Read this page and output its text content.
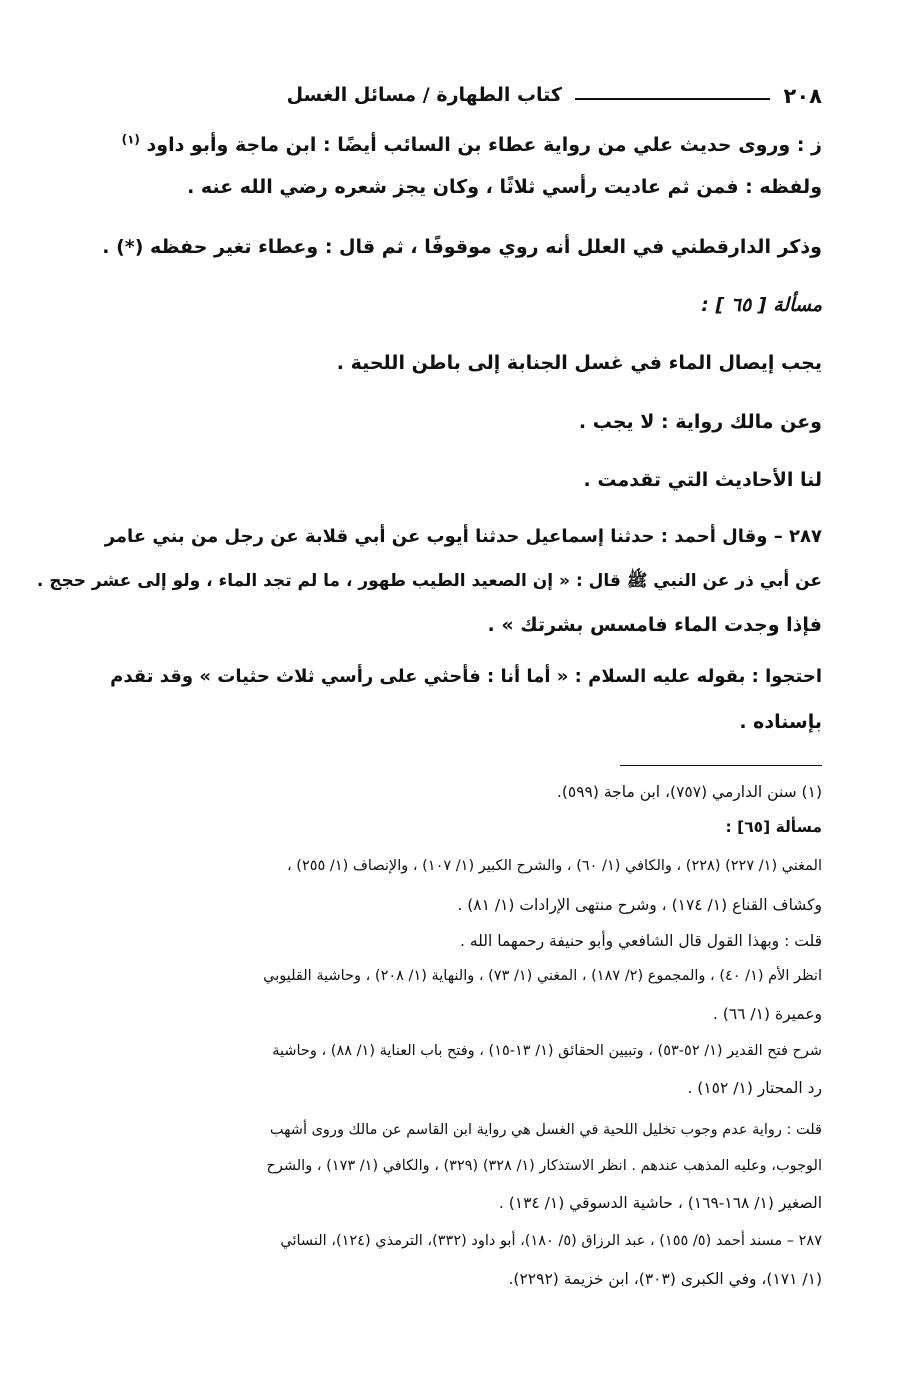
٢٠٨
كتاب الطهارة / مسائل الغسل
ز : وروى حديث علي من رواية عطاء بن السائب أيضًا : ابن ماجة وأبو داود $^{(١)}$
ولفظه : فمن ثم عاديت رأسي ثلاثًا ، وكان يجز شعره رضي الله عنه .
وذكر الدارقطني في العلل أنه روي موقوفًا ، ثم قال : وعطاء تغير حفظه (*) .
مسألة [ ٦٥ ] :
يجب إيصال الماء في غسل الجنابة إلى باطن اللحية .
وعن مالك رواية : لا يجب .
لنا الأحاديث التي تقدمت .
٢٨٧ – وقال أحمد : حدثنا إسماعيل حدثنا أيوب عن أبي قلابة عن رجل من بني عامر
عن أبي ذر عن النبي ﷺ قال : « إن الصعيد الطيب طهور ، ما لم تجد الماء ، ولو إلى عشر حجج .
فإذا وجدت الماء فامسس بشرتك » .
احتجوا : بقوله عليه السلام : « أما أنا : فأحثي على رأسي ثلاث حثيات » وقد تقدم
بإسناده .
(١) سنن الدارمي (٧٥٧)، ابن ماجة (٥٩٩).
مسألة [٦٥] :
المغني (١/ ٢٢٧) (٢٢٨) ، والكافي (١/ ٦٠) ، والشرح الكبير (١/ ١٠٧) ، والإنصاف (١/ ٢٥٥) ،
وكشاف القناع (١/ ١٧٤) ، وشرح منتهى الإرادات (١/ ٨١) .
قلت : وبهذا القول قال الشافعي وأبو حنيفة رحمهما الله .
انظر الأم (١/ ٤٠) ، والمجموع (٢/ ١٨٧) ، المغني (١/ ٧٣) ، والنهاية (١/ ٢٠٨) ، وحاشية القليوبي
وعميرة (١/ ٦٦) .
شرح فتح القدير (١/ ٥٢-٥٣) ، وتبيين الحقائق (١/ ١٣-١٥) ، وفتح باب العناية (١/ ٨٨) ، وحاشية
رد المحتار (١/ ١٥٢) .
قلت : رواية عدم وجوب تخليل اللحية في الغسل هي رواية ابن القاسم عن مالك وروى أشهب
الوجوب، وعليه المذهب عندهم . انظر الاستذكار (١/ ٣٢٨) (٣٢٩) ، والكافي (١/ ١٧٣) ، والشرح
الصغير (١/ ١٦٨-١٦٩) ، حاشية الدسوقي (١/ ١٣٤) .
٢٨٧ – مسند أحمد (٥/ ١٥٥) ، عبد الرزاق (٥/ ١٨٠)، أبو داود (٣٣٢)، الترمذي (١٢٤)، النسائي
(١/ ١٧١)، وفي الكبرى (٣٠٣)، ابن خزيمة (٢٢٩٢).
